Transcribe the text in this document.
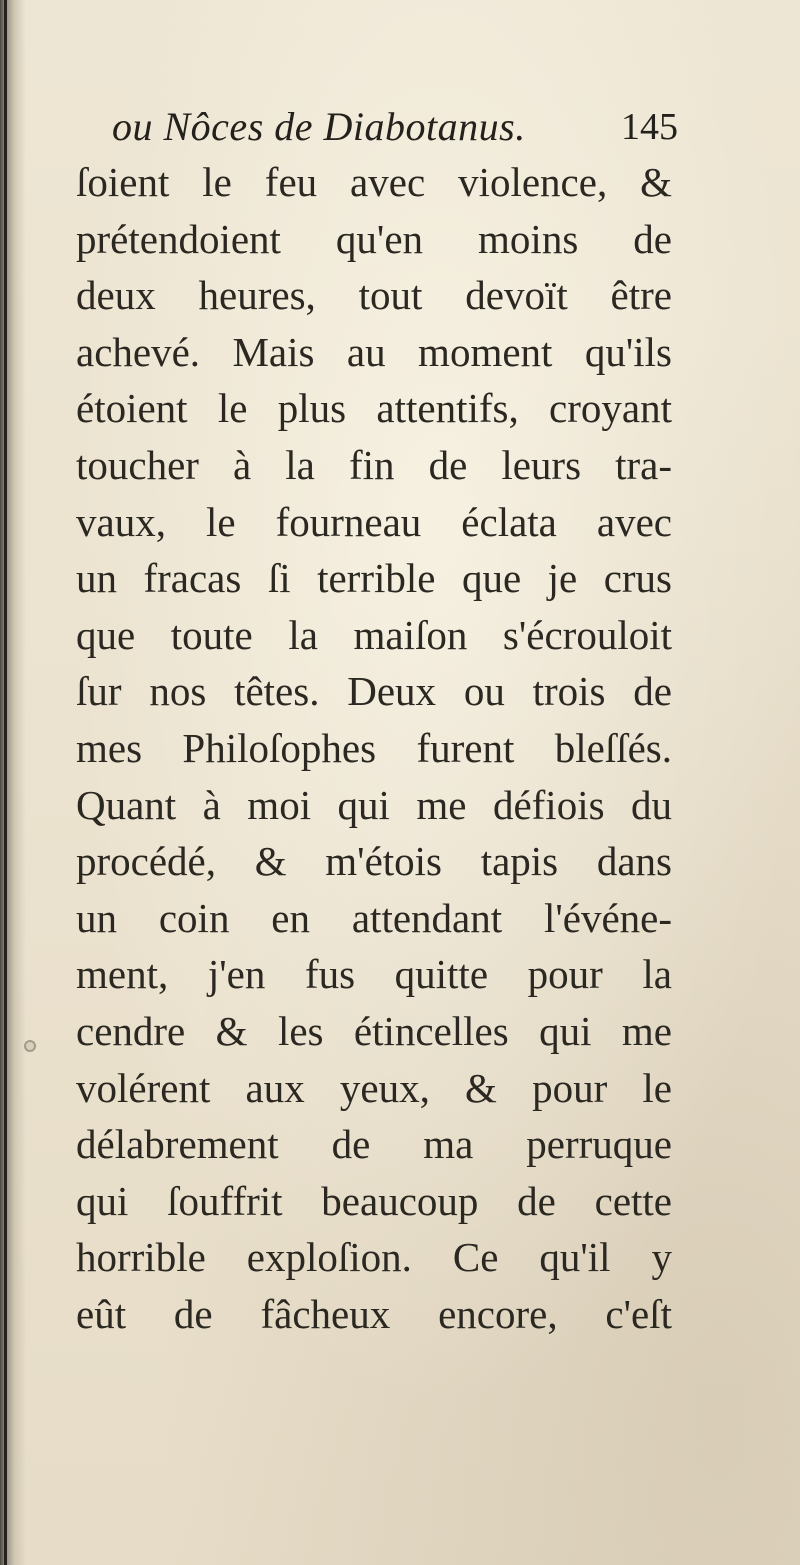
ou Nôces de Diabotanus.	145
ſoient le feu avec violence, &
prétendoient qu'en moins de
deux heures, tout devoït être
achevé. Mais au moment qu'ils
étoient le plus attentifs, croyant
toucher à la fin de leurs tra-
vaux, le fourneau éclata avec
un fracas ſi terrible que je crus
que toute la maiſon s'écrouloit
ſur nos têtes. Deux ou trois de
mes Philoſophes furent bleſſés.
Quant à moi qui me défiois du
procédé, & m'étois tapis dans
un coin en attendant l'événe-
ment, j'en fus quitte pour la
cendre & les étincelles qui me
volérent aux yeux, & pour le
délabrement de ma perruque
qui ſouffrit beaucoup de cette
horrible exploſion. Ce qu'il y
eût de fâcheux encore, c'eſt
